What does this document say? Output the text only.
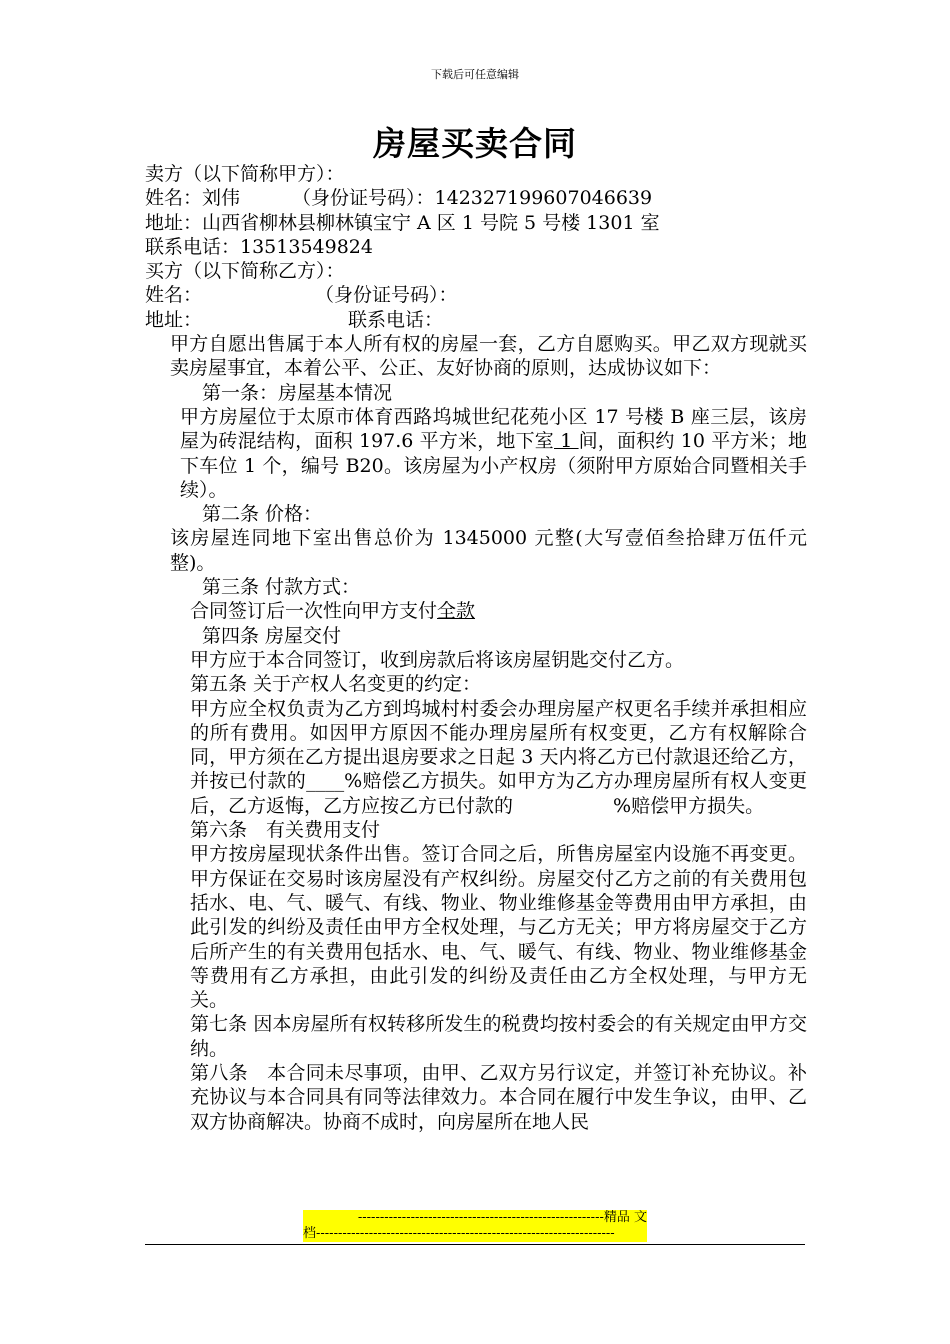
下载后可任意编辑
房屋买卖合同
卖方（以下简称甲方）：
姓名：刘伟	（身份证号码）：142327199607046639
地址：山西省柳林县柳林镇宝宁 A 区 1 号院 5 号楼 1301 室
联系电话：13513549824
买方（以下简称乙方）：
姓名：	（身份证号码）：
地址：	联系电话：
甲方自愿出售属于本人所有权的房屋一套，乙方自愿购买。甲乙双方现就买卖房屋事宜，本着公平、公正、友好协商的原则，达成协议如下：
第一条：房屋基本情况
甲方房屋位于太原市体育西路坞城世纪花苑小区 17 号楼 B 座三层，该房屋为砖混结构，面积 197.6 平方米，地下室 1 间，面积约 10 平方米；地下车位 1 个，编号 B20。该房屋为小产权房（须附甲方原始合同暨相关手续）。
第二条 价格：
该房屋连同地下室出售总价为 1345000 元整(大写壹佰叁拾肆万伍仟元整)。
第三条 付款方式：
合同签订后一次性向甲方支付全款
第四条 房屋交付
甲方应于本合同签订，收到房款后将该房屋钥匙交付乙方。
第五条 关于产权人名变更的约定：
甲方应全权负责为乙方到坞城村村委会办理房屋产权更名手续并承担相应的所有费用。如因甲方原因不能办理房屋所有权变更，乙方有权解除合同，甲方须在乙方提出退房要求之日起 3 天内将乙方已付款退还给乙方，并按已付款的____%赔偿乙方损失。如甲方为乙方办理房屋所有权人变更后，乙方返悔，乙方应按乙方已付款的	%赔偿甲方损失。
第六条　有关费用支付
甲方按房屋现状条件出售。签订合同之后，所售房屋室内设施不再变更。甲方保证在交易时该房屋没有产权纠纷。房屋交付乙方之前的有关费用包括水、电、气、暖气、有线、物业、物业维修基金等费用由甲方承担，由此引发的纠纷及责任由甲方全权处理，与乙方无关；甲方将房屋交于乙方后所产生的有关费用包括水、电、气、暖气、有线、物业、物业维修基金等费用有乙方承担，由此引发的纠纷及责任由乙方全权处理，与甲方无关。
第七条 因本房屋所有权转移所发生的税费均按村委会的有关规定由甲方交纳。
第八条　本合同未尽事项，由甲、乙双方另行议定，并签订补充协议。补充协议与本合同具有同等法律效力。本合同在履行中发生争议，由甲、乙双方协商解决。协商不成时，向房屋所在地人民
--------------------------------------------------------精品 文
档--------------------------------------------------------------------
